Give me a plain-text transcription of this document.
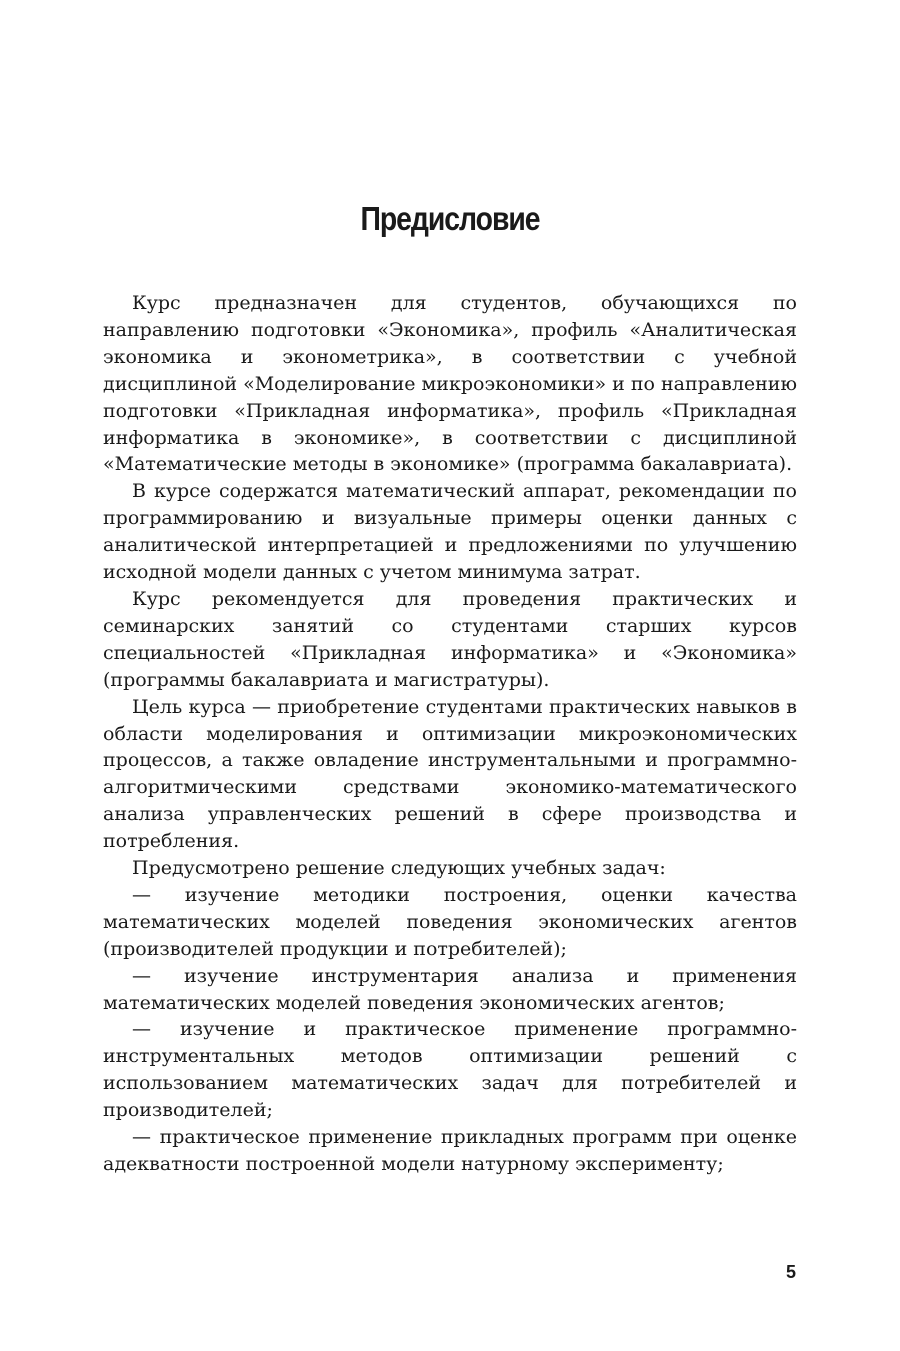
Предисловие

Курс предназначен для студентов, обучающихся по направлению подготовки «Экономика», профиль «Аналитическая экономика и эконометрика», в соответствии с учебной дисциплиной «Моделирование микроэкономики» и по направлению подготовки «Прикладная информатика», профиль «Прикладная информатика в экономике», в соответствии с дисциплиной «Математические методы в экономике» (программа бакалавриата).

В курсе содержатся математический аппарат, рекомендации по программированию и визуальные примеры оценки данных с аналитической интерпретацией и предложениями по улучшению исходной модели данных с учетом минимума затрат.

Курс рекомендуется для проведения практических и семинарских занятий со студентами старших курсов специальностей «Прикладная информатика» и «Экономика» (программы бакалавриата и магистратуры).

Цель курса — приобретение студентами практических навыков в области моделирования и оптимизации микроэкономических процессов, а также овладение инструментальными и программно-алгоритмическими средствами экономико-математического анализа управленческих решений в сфере производства и потребления.

Предусмотрено решение следующих учебных задач:

— изучение методики построения, оценки качества математических моделей поведения экономических агентов (производителей продукции и потребителей);

— изучение инструментария анализа и применения математических моделей поведения экономических агентов;

— изучение и практическое применение программно-инструментальных методов оптимизации решений с использованием математических задач для потребителей и производителей;

— практическое применение прикладных программ при оценке адекватности построенной модели натурному эксперименту;

5
